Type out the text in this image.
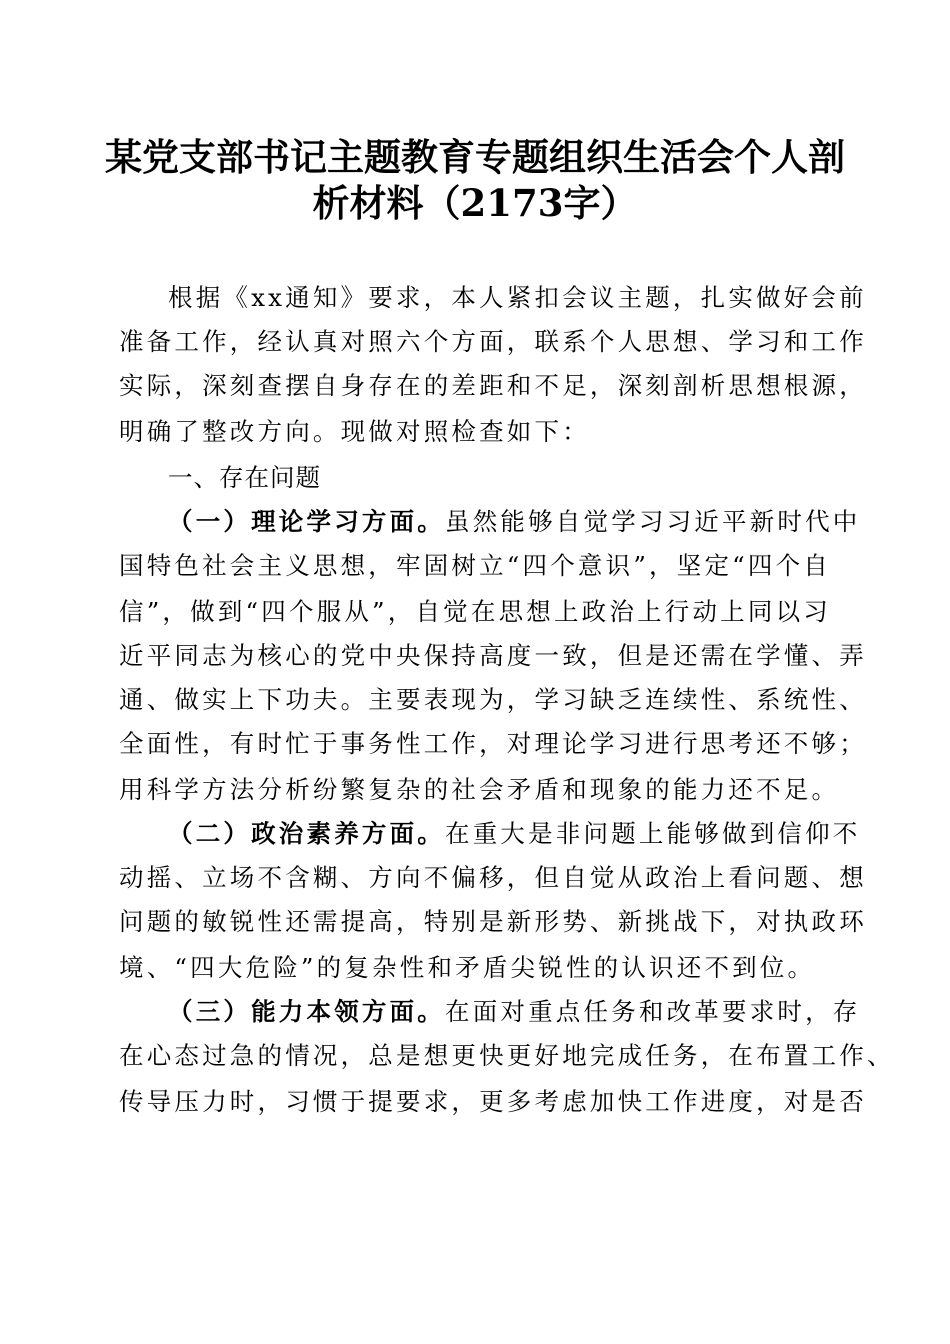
某党支部书记主题教育专题组织生活会个人剖
析材料（2173字）
根据《xx通知》要求，本人紧扣会议主题，扎实做好会前
准备工作，经认真对照六个方面，联系个人思想、学习和工作
实际，深刻查摆自身存在的差距和不足，深刻剖析思想根源，
明确了整改方向。现做对照检查如下：
一、存在问题
（一）理论学习方面。虽然能够自觉学习习近平新时代中
国特色社会主义思想，牢固树立“四个意识”，坚定“四个自
信”，做到“四个服从”，自觉在思想上政治上行动上同以习
近平同志为核心的党中央保持高度一致，但是还需在学懂、弄
通、做实上下功夫。主要表现为，学习缺乏连续性、系统性、
全面性，有时忙于事务性工作，对理论学习进行思考还不够；
用科学方法分析纷繁复杂的社会矛盾和现象的能力还不足。
（二）政治素养方面。在重大是非问题上能够做到信仰不
动摇、立场不含糊、方向不偏移，但自觉从政治上看问题、想
问题的敏锐性还需提高，特别是新形势、新挑战下，对执政环
境、“四大危险”的复杂性和矛盾尖锐性的认识还不到位。
（三）能力本领方面。在面对重点任务和改革要求时，存
在心态过急的情况，总是想更快更好地完成任务，在布置工作、
传导压力时，习惯于提要求，更多考虑加快工作进度，对是否
